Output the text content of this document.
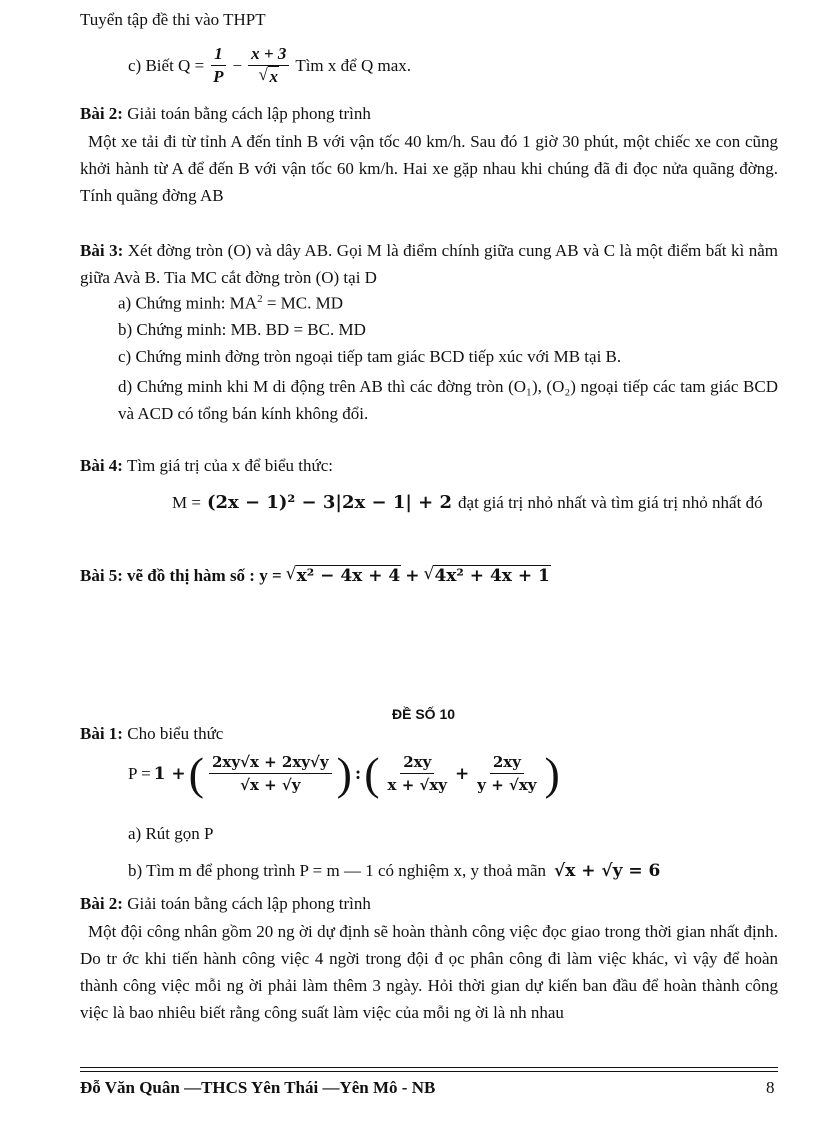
Tuyển tập đề thi vào THPT
c) Biết $Q = \frac{1}{P} - x + 3$
√ x Tìm x để Q max.
Bài 2: Giải toán bằng cách lập phong trình
Một xe tải đi từ tỉnh A đến tỉnh B với vận tốc 40 km/h. Sau đó 1 giờ 30 phút, một chiếc xe con cũng khởi hành từ A để đến B với vận tốc 60 km/h. Hai xe gặp nhau khi chúng đã đi đọc nửa quãng đờng. Tính quãng đờng AB
Bài 3: Xét đờng tròn (O) và dây AB. Gọi M là điểm chính giữa cung AB và C là một điểm bất kì nằm giữa Avà B. Tia MC cắt đờng tròn (O) tại D
a) Chứng minh: $MA^2$ = MC. MD
b) Chứng minh: MB. BD = BC. MD
c) Chứng minh đờng tròn ngoại tiếp tam giác BCD tiếp xúc với MB tại B.
d) Chứng minh khi M di động trên AB thì các đờng tròn (O₁), (O₂) ngoại tiếp các tam giác BCD và ACD có tổng bán kính không đổi.
Bài 4: Tìm giá trị của x để biểu thức:
M = (2x − 1)² − 3|2x − 1| + 2 đạt giá trị nhỏ nhất và tìm giá trị nhỏ nhất đó
Bài 5: vẽ đồ thị hàm số : y = √ x² − 4x + 4 + √ 4x² + 4x + 1
ĐỀ SỐ 10
Bài 1: Cho biểu thức
P = 1 + ( $\frac{2xy√x + 2xy√y}{√x + √y}$ ) : ( $\frac{2xy}{x + √xy} + \frac{2xy}{y + √xy}$ )
a) Rút gọn P
b) Tìm m để phong trình P = m — 1 có nghiệm x, y thoả mãn √x + √y = 6
Bài 2: Giải toán bằng cách lập phong trình
Một đội công nhân gồm 20 ng ời dự định sẽ hoàn thành công việc đọc giao trong thời gian nhất định. Do tr ớc khi tiến hành công việc 4 ngời trong đội đ ọc phân công đi làm việc khác, vì vậy để hoàn thành công việc mỗi ng ời phải làm thêm 3 ngày. Hỏi thời gian dự kiến ban đầu để hoàn thành công việc là bao nhiêu biết rằng công suất làm việc của mỗi ng ời là nh nhau
Đỗ Văn Quân —THCS Yên Thái —Yên Mô - NB	8
